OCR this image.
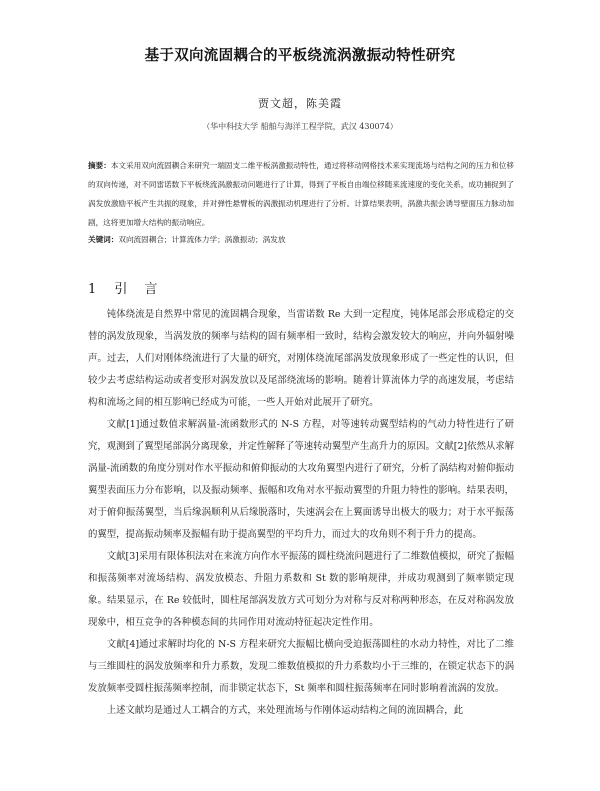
基于双向流固耦合的平板绕流涡激振动特性研究
贾文超，陈美霞
（华中科技大学 船舶与海洋工程学院，武汉 430074）
摘要：本文采用双向流固耦合来研究一端固支二维平板涡激振动特性，通过将移动网格技术来实现流场与结构之间的压力和位移的双向传递，对不同雷诺数下平板绕流涡激振动问题进行了计算，得到了平板自由端位移随来流速度的变化关系，成功捕捉到了涡发放激励平板产生共振的现象，并对弹性悬臂板的涡激振动机理进行了分析。计算结果表明，涡激共振会诱导壁面压力脉动加剧，这将更加增大结构的振动响应。
关键词：双向流固耦合；计算流体力学；涡激振动；涡发放
1 引　言

钝体绕流是自然界中常见的流固耦合现象，当雷诺数 Re 大到一定程度，钝体尾部会形成稳定的交替的涡发放现象，当涡发放的频率与结构的固有频率相一致时，结构会激发较大的响应，并向外辐射噪声。过去，人们对刚体绕流进行了大量的研究，对刚体绕流尾部涡发放现象形成了一些定性的认识，但较少去考虑结构运动或者变形对涡发放以及尾部绕流场的影响。随着计算流体力学的高速发展，考虑结构和流场之间的相互影响已经成为可能，一些人开始对此展开了研究。

文献[1]通过数值求解涡量-流函数形式的 N-S 方程，对等速转动翼型结构的气动力特性进行了研究，观测到了翼型尾部涡分离现象，并定性解释了等速转动翼型产生高升力的原因。文献[2]依然从求解涡量-流函数的角度分别对作水平振动和俯仰振动的大攻角翼型内进行了研究，分析了涡结构对俯仰振动翼型表面压力分布影响，以及振动频率、振幅和攻角对水平振动翼型的升阻力特性的影响。结果表明，对于俯仰振荡翼型，当后缘涡顺利从后缘脱落时，失速涡会在上翼面诱导出极大的吸力；对于水平振荡的翼型，提高振动频率及振幅有助于提高翼型的平均升力，而过大的攻角则不利于升力的提高。

文献[3]采用有限体积法对在来流方向作水平振荡的圆柱绕流问题进行了二维数值模拟，研究了振幅和振荡频率对流场结构、涡发放模态、升阻力系数和 St 数的影响规律，并成功观测到了频率锁定现象。结果显示，在 Re 较低时，圆柱尾部涡发放方式可划分为对称与反对称两种形态，在反对称涡发放现象中，相互竞争的各种模态间的共同作用对流动特征起决定性作用。

文献[4]通过求解时均化的 N-S 方程来研究大振幅比横向受迫振荡圆柱的水动力特性，对比了二维与三维圆柱的涡发放频率和升力系数，发现二维数值模拟的升力系数均小于三维的，在锁定状态下的涡发放频率受圆柱振荡频率控制，而非锁定状态下，St 频率和圆柱振荡频率在同时影响着流涡的发放。

上述文献均是通过人工耦合的方式，来处理流场与作刚体运动结构之间的流固耦合，此
